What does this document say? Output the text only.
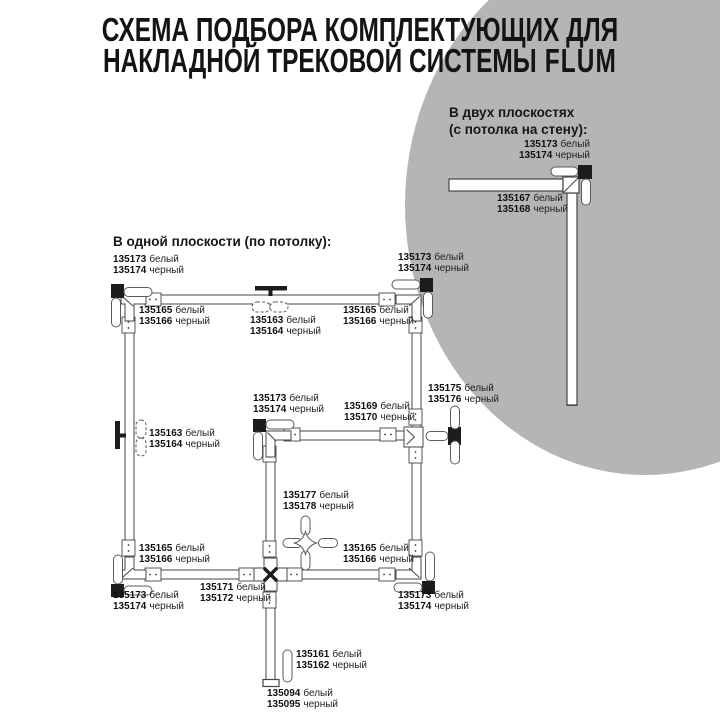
СХЕМА ПОДБОРА КОМПЛЕКТУЮЩИХ ДЛЯ
НАКЛАДНОЙ ТРЕКОВОЙ СИСТЕМЫ FLUM
В двух плоскостях
(с потолка на стену):
В одной плоскости (по потолку):
135173 белый
135174 черный
135167 белый
135168 черный
135173 белый
135174 черный
135165 белый
135166 черный	135163 белый
135164 черный
135173 белый
135174 черный
135165 белый
135166 черный
135163 белый
135164 черный
135173 белый
135174 черный 135169 белый
135170 черный
135175 белый
135176 черный
135177 белый
135178 черный
135165 белый
135166 черный
135173 белый
135174 черный
135171 белый
135172 черный
135165 белый
135166 черный
135173 белый
135174 черный
135161 белый
135162 черный
135094 белый
135095 черный
